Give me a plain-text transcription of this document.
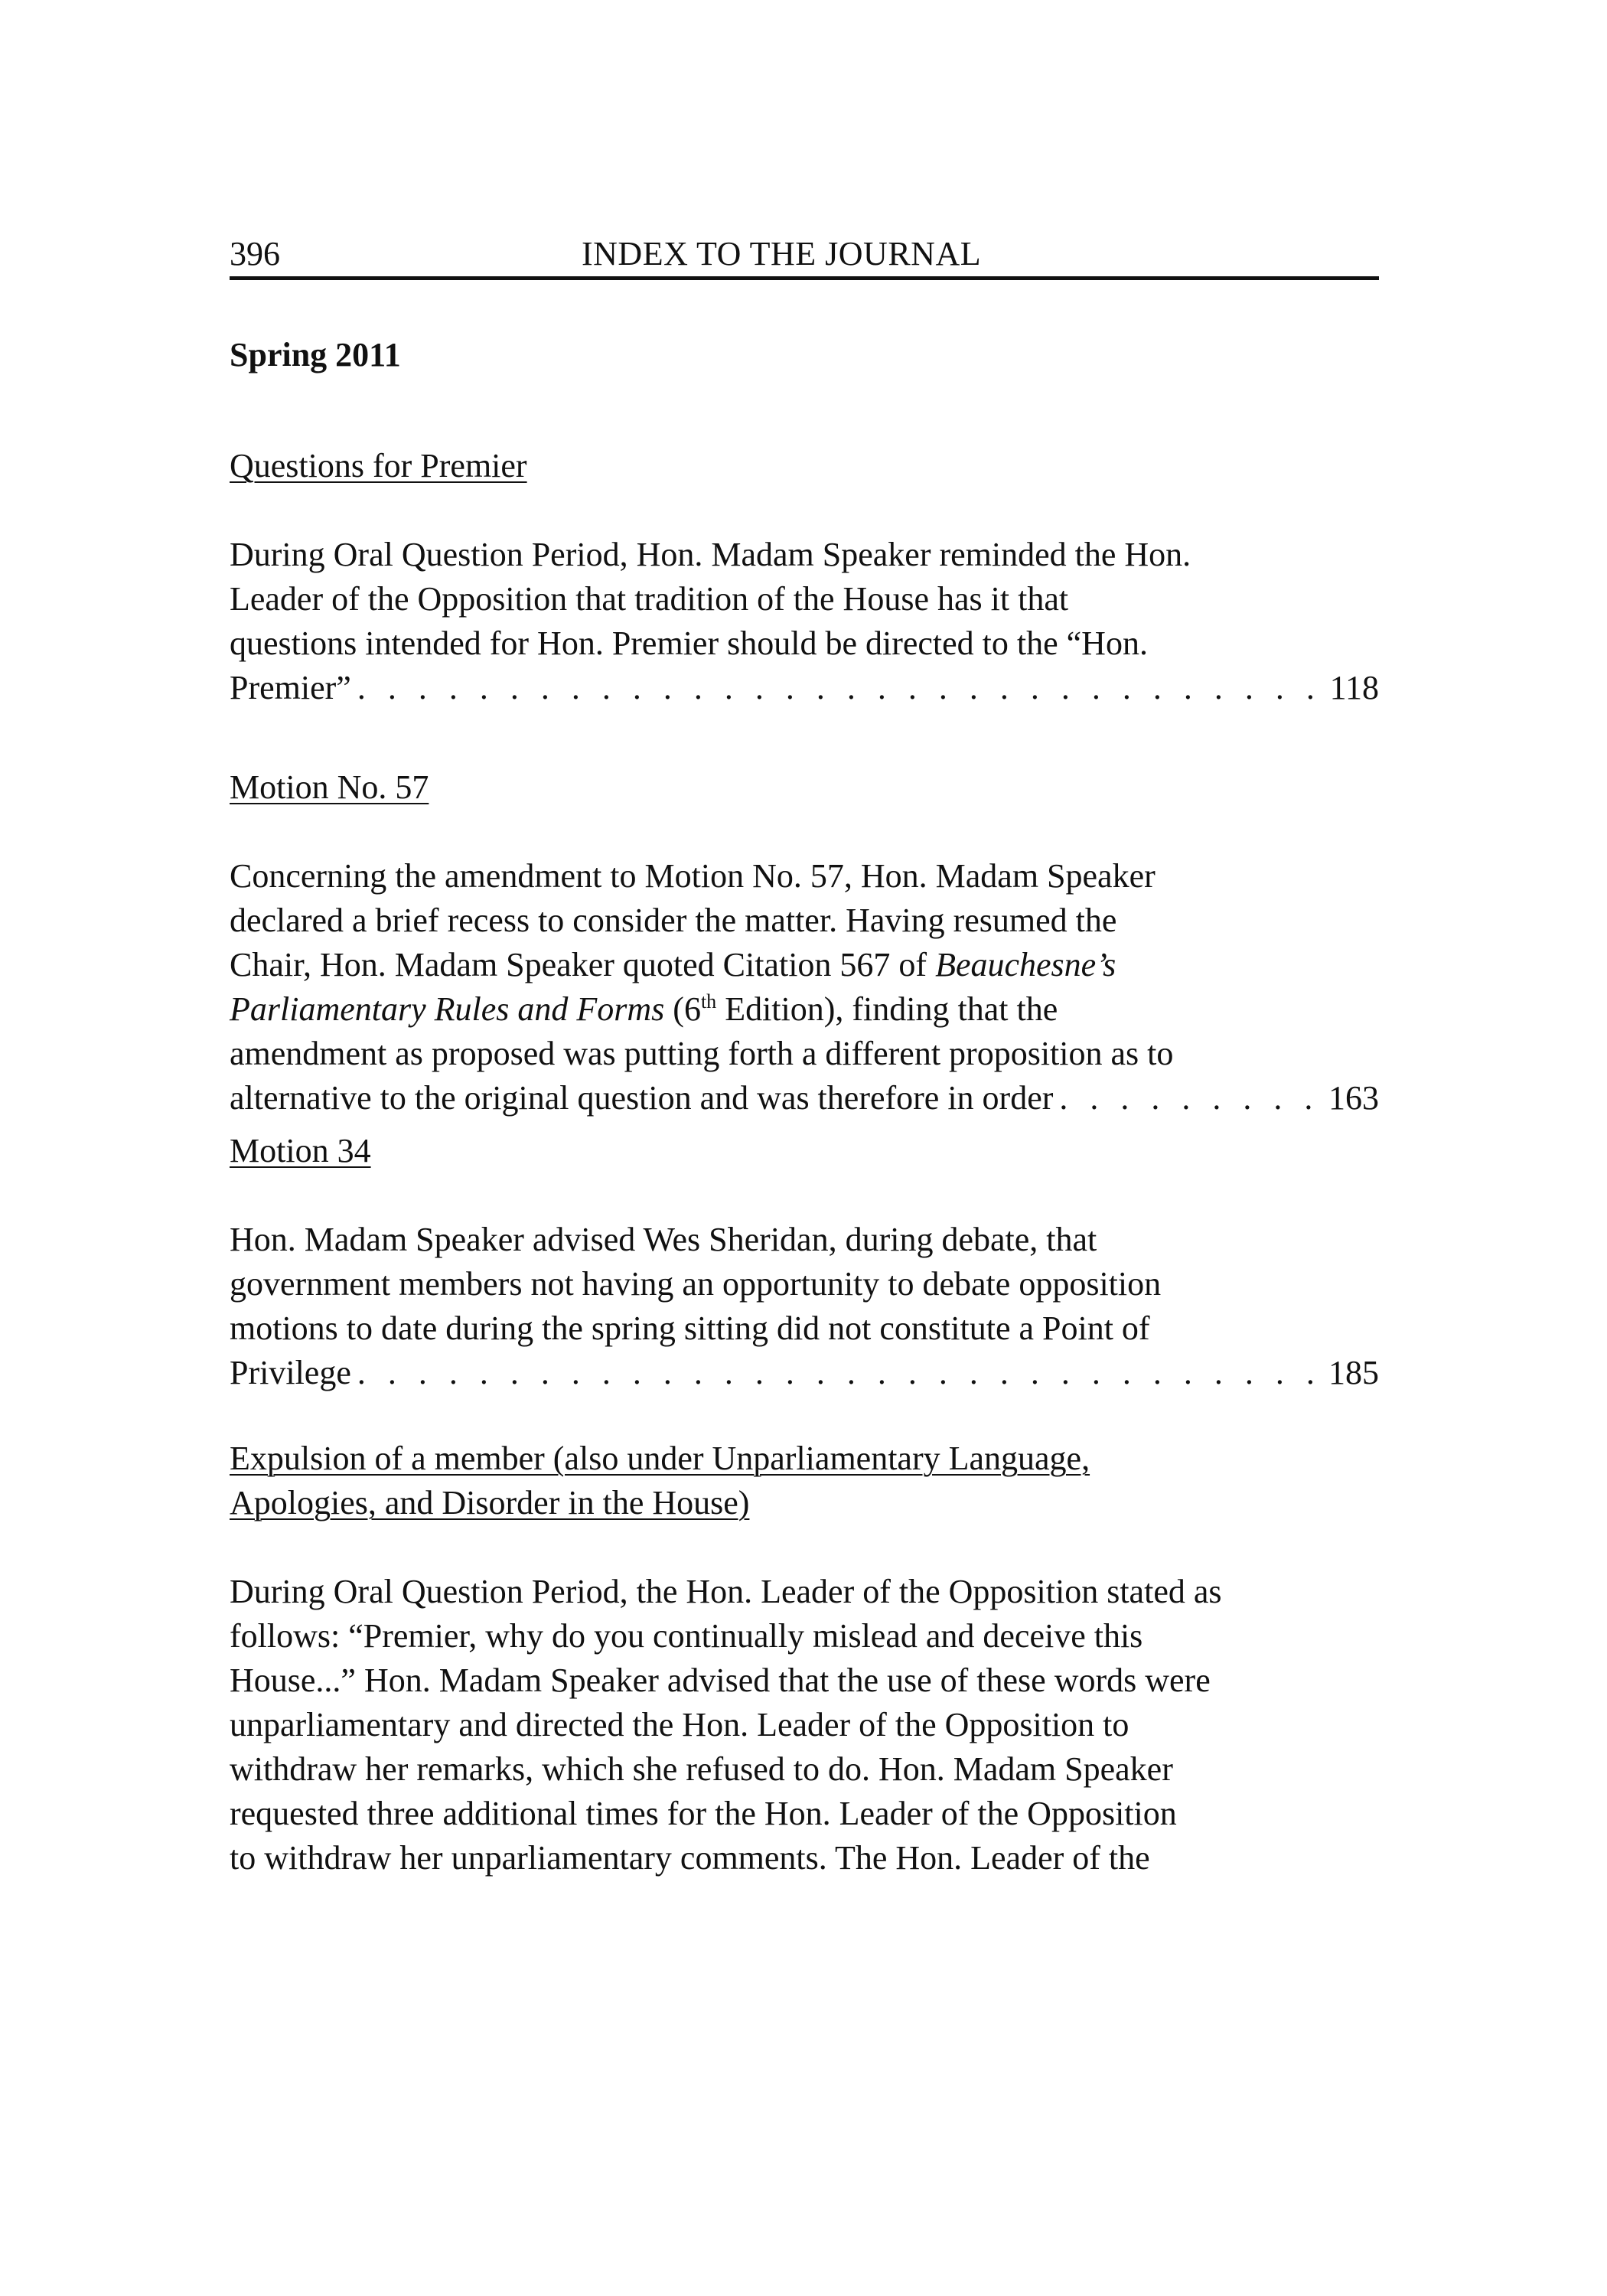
396	INDEX TO THE JOURNAL
Spring 2011

Questions for Premier

During Oral Question Period, Hon. Madam Speaker reminded the Hon.
Leader of the Opposition that tradition of the House has it that
questions intended for Hon. Premier should be directed to the “Hon.
Premier” . . .	118

Motion No. 57

Concerning the amendment to Motion No. 57, Hon. Madam Speaker
declared a brief recess to consider the matter. Having resumed the
Chair, Hon. Madam Speaker quoted Citation 567 of Beauchesne’s
Parliamentary Rules and Forms (6th Edition), finding that the
amendment as proposed was putting forth a different proposition as to
alternative to the original question and was therefore in order . . .	163

Motion 34

Hon. Madam Speaker advised Wes Sheridan, during debate, that
government members not having an opportunity to debate opposition
motions to date during the spring sitting did not constitute a Point of
Privilege . . .	185

Expulsion of a member (also under Unparliamentary Language,
Apologies, and Disorder in the House)

During Oral Question Period, the Hon. Leader of the Opposition stated as
follows: “Premier, why do you continually mislead and deceive this
House...” Hon. Madam Speaker advised that the use of these words were
unparliamentary and directed the Hon. Leader of the Opposition to
withdraw her remarks, which she refused to do. Hon. Madam Speaker
requested three additional times for the Hon. Leader of the Opposition
to withdraw her unparliamentary comments. The Hon. Leader of the
